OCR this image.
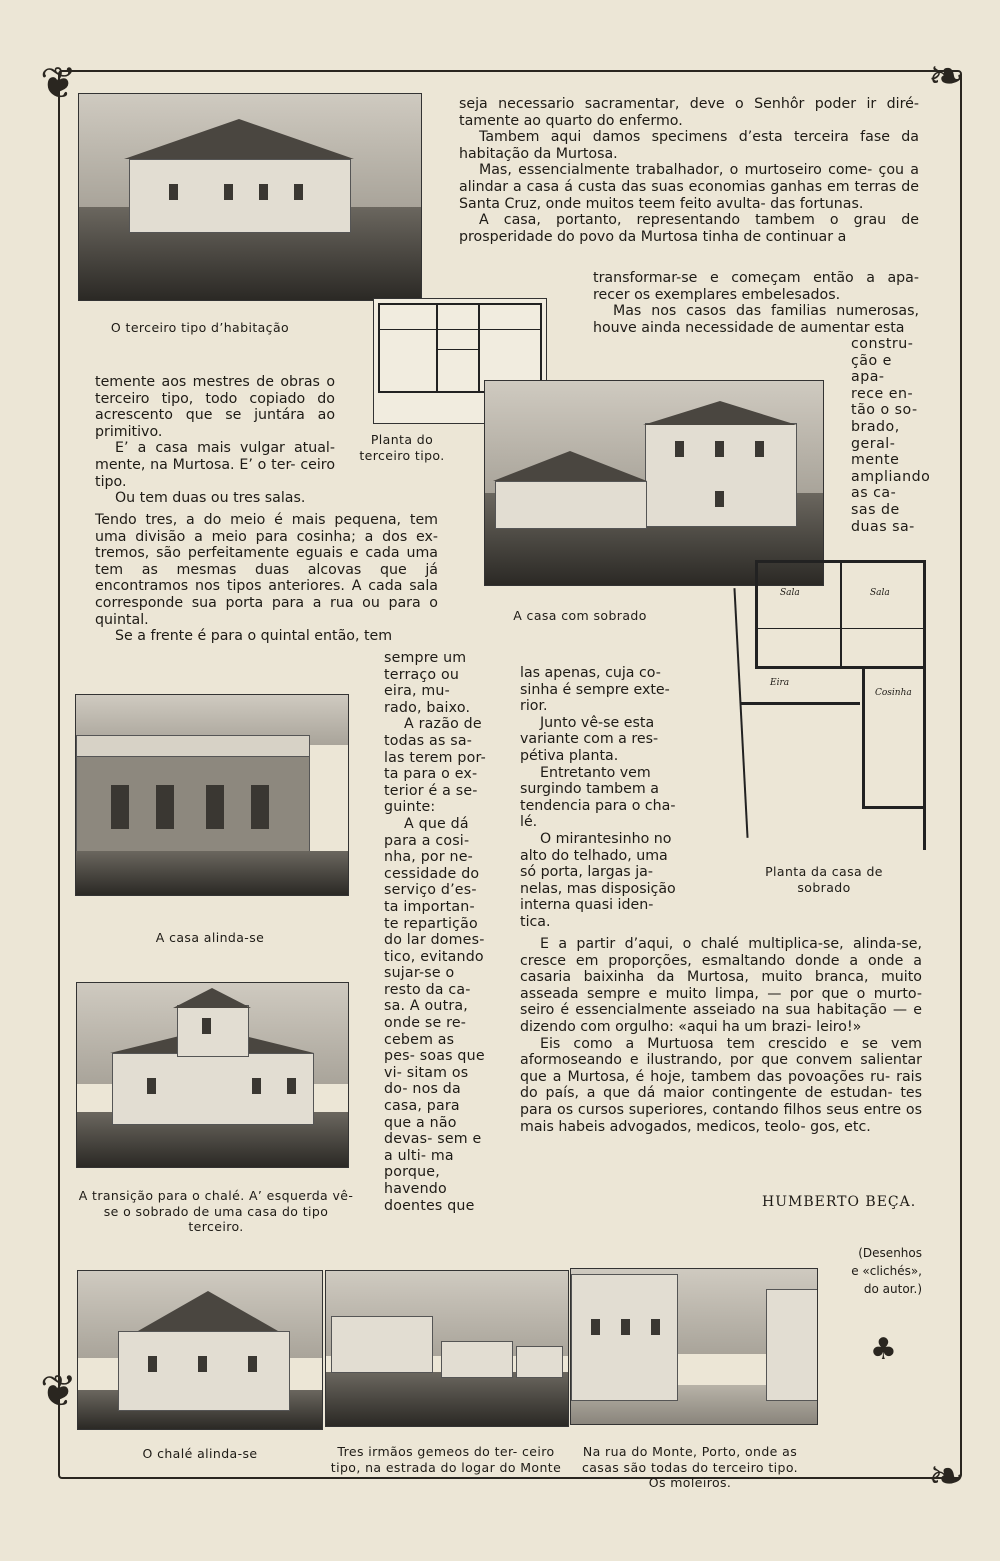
❦	❧
❦
❧
♣
O terceiro tipo d’habitação
Planta do terceiro tipo.

seja necessario sacramentar, deve o Senhôr poder ir diré- tamente ao quarto do enfermo.

Tambem aqui damos specimens d’esta terceira fase da habitação da Murtosa.

Mas, essencialmente trabalhador, o murtoseiro come- çou a alindar a casa á custa das suas economias ganhas em terras de Santa Cruz, onde muitos teem feito avulta- das fortunas.

A casa, portanto, representando tambem o grau de prosperidade do povo da Murtosa tinha de continuar a

transformar-se e começam então a apa- recer os exemplares embelesados.

Mas nos casos das familias numerosas, houve ainda necessidade de aumentar esta

constru- ção e apa- rece en- tão o so- brado, geral- mente ampliando as ca- sas de duas sa-
A casa com sobrado

temente aos mestres de obras o terceiro tipo, todo copiado do acrescento que se juntára ao primitivo.

E’ a casa mais vulgar atual- mente, na Murtosa. E’ o ter- ceiro tipo.

Ou tem duas ou tres salas.

Tendo tres, a do meio é mais pequena, tem uma divisão a meio para cosinha; a dos ex- tremos, são perfeitamente eguais e cada uma tem as mesmas duas alcovas que já encontramos nos tipos anteriores. A cada sala corresponde sua porta para a rua ou para o quintal.

Se a frente é para o quintal então, tem

Sala	Sala
Eira
Cosinha
Planta da casa de sobrado
A casa alinda-se

sempre um terraço ou eira, mu- rado, baixo.

A razão de todas as sa- las terem por- ta para o ex- terior é a se- guinte:

A que dá para a cosi- nha, por ne- cessidade do serviço d’es- ta importan- te repartição do lar domes- tico, evitando sujar-se o resto da ca- sa. A outra, onde se re- cebem as pes- soas que vi- sitam os do- nos da casa, para que a não devas- sem e a ulti- ma porque, havendo doentes que

las apenas, cuja co- sinha é sempre exte- rior.

Junto vê-se esta variante com a res- pétiva planta.

Entretanto vem surgindo tambem a tendencia para o cha- lé.

O mirantesinho no alto do telhado, uma só porta, largas ja- nelas, mas disposição interna quasi iden- tica.

E a partir d’aqui, o chalé multiplica-se, alinda-se, cresce em proporções, esmaltando donde a onde a casaria baixinha da Murtosa, muito branca, muito asseada sempre e muito limpa, — por que o murto- seiro é essencialmente asseiado na sua habitação — e dizendo com orgulho: «aqui ha um brazi- leiro!»

Eis como a Murtuosa tem crescido e se vem aformoseando e ilustrando, por que convem salientar que a Murtosa, é hoje, tambem das povoações ru- rais do país, a que dá maior contingente de estudan- tes para os cursos superiores, contando filhos seus entre os mais habeis advogados, medicos, teolo- gos, etc.

A transição para o chalé. A’ esquerda vê-se o sobrado de uma casa do tipo terceiro.
HUMBERTO BEÇA.
(Desenhos
e «clichés»,
do autor.)
O chalé alinda-se	Tres irmãos gemeos do ter- ceiro tipo, na estrada do logar do Monte
Na rua do Monte, Porto, onde as casas são todas do terceiro tipo. Os moleiros.
